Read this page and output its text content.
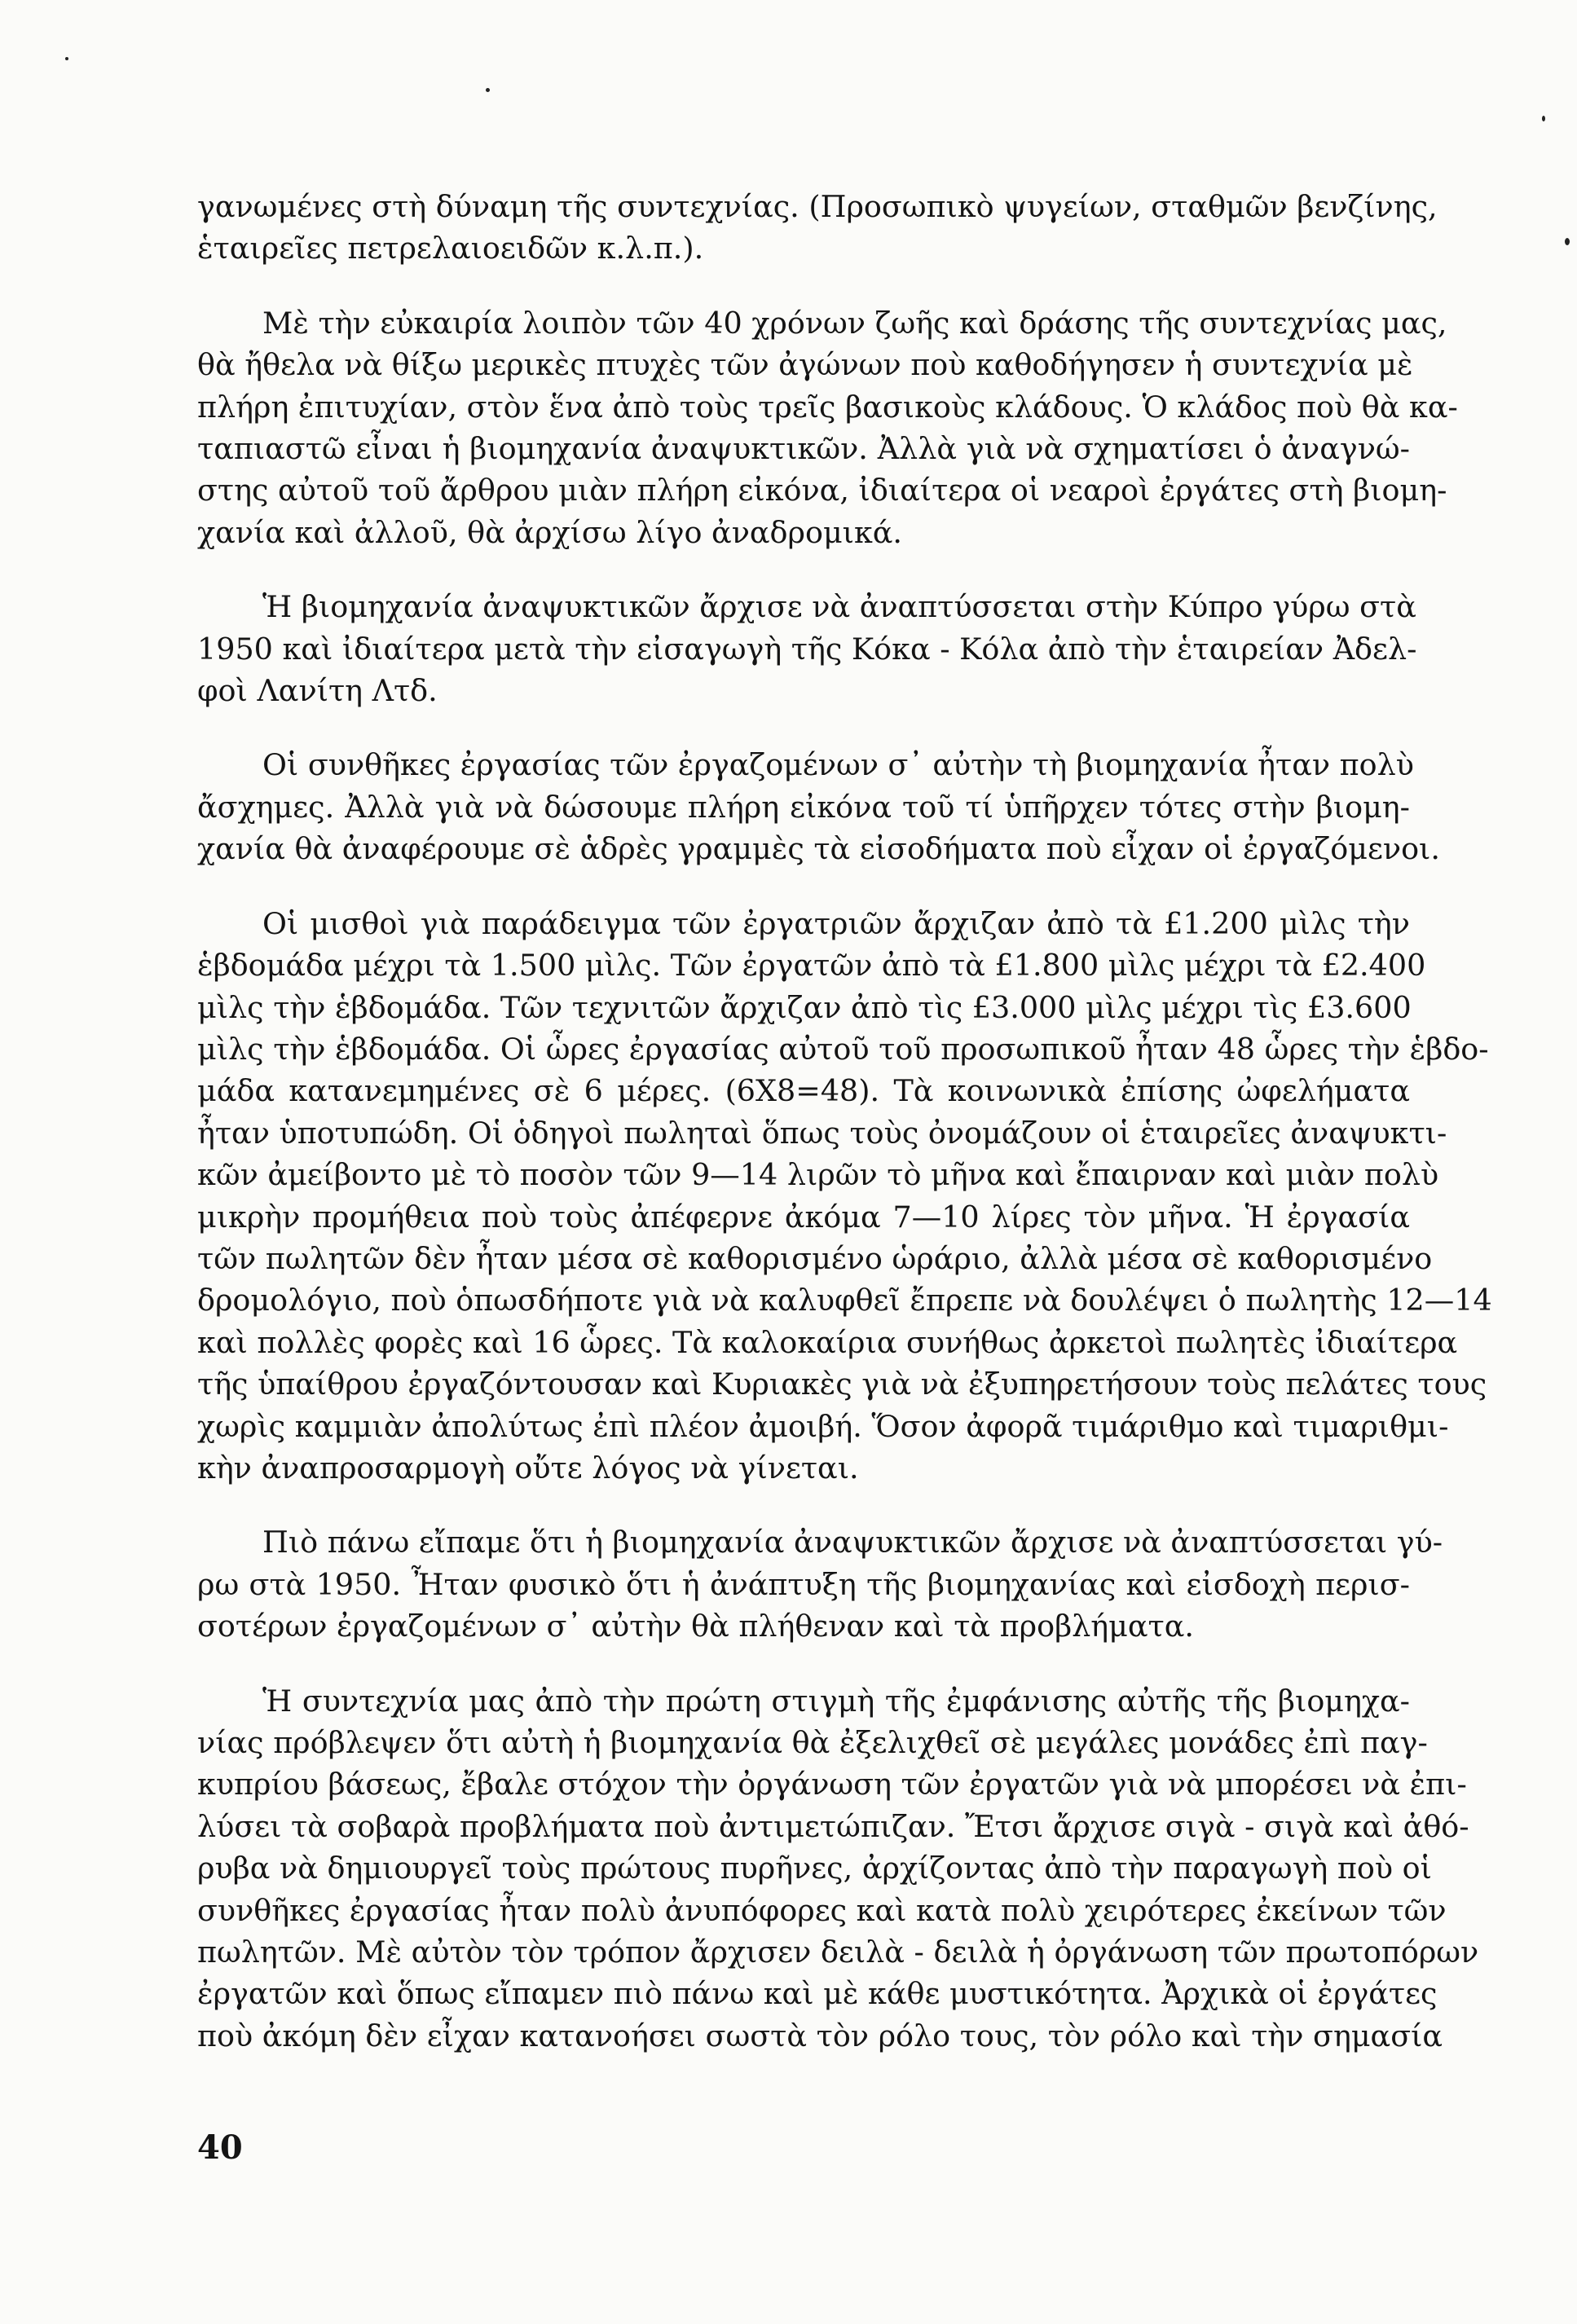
γανωμένες στὴ δύναμη τῆς συντεχνίας. (Προσωπικὸ ψυγείων, σταθμῶν βενζίνης,
ἑταιρεῖες πετρελαιοειδῶν κ.λ.π.).

Μὲ τὴν εὐκαιρία λοιπὸν τῶν 40 χρόνων ζωῆς καὶ δράσης τῆς συντεχνίας μας,
θὰ ἤθελα νὰ θίξω μερικὲς πτυχὲς τῶν ἀγώνων ποὺ καθοδήγησεν ἡ συντεχνία μὲ
πλήρη ἐπιτυχίαν, στὸν ἕνα ἀπὸ τοὺς τρεῖς βασικοὺς κλάδους. Ὁ κλάδος ποὺ θὰ κα-
ταπιαστῶ εἶναι ἡ βιομηχανία ἀναψυκτικῶν. Ἀλλὰ γιὰ νὰ σχηματίσει ὁ ἀναγνώ-
στης αὐτοῦ τοῦ ἄρθρου μιὰν πλήρη εἰκόνα, ἰδιαίτερα οἱ νεαροὶ ἐργάτες στὴ βιομη-
χανία καὶ ἀλλοῦ, θὰ ἀρχίσω λίγο ἀναδρομικά.

Ἡ βιομηχανία ἀναψυκτικῶν ἄρχισε νὰ ἀναπτύσσεται στὴν Κύπρο γύρω στὰ
1950 καὶ ἰδιαίτερα μετὰ τὴν εἰσαγωγὴ τῆς Κόκα - Κόλα ἀπὸ τὴν ἑταιρείαν Ἀδελ-
φοὶ Λανίτη Λτδ.

Οἱ συνθῆκες ἐργασίας τῶν ἐργαζομένων σ᾿ αὐτὴν τὴ βιομηχανία ἦταν πολὺ
ἄσχημες. Ἀλλὰ γιὰ νὰ δώσουμε πλήρη εἰκόνα τοῦ τί ὑπῆρχεν τότες στὴν βιομη-
χανία θὰ ἀναφέρουμε σὲ ἁδρὲς γραμμὲς τὰ εἰσοδήματα ποὺ εἶχαν οἱ ἐργαζόμενοι.

Οἱ μισθοὶ γιὰ παράδειγμα τῶν ἐργατριῶν ἄρχιζαν ἀπὸ τὰ £1.200 μὶλς τὴν
ἑβδομάδα μέχρι τὰ 1.500 μὶλς. Τῶν ἐργατῶν ἀπὸ τὰ £1.800 μὶλς μέχρι τὰ £2.400
μὶλς τὴν ἑβδομάδα. Τῶν τεχνιτῶν ἄρχιζαν ἀπὸ τὶς £3.000 μὶλς μέχρι τὶς £3.600
μὶλς τὴν ἑβδομάδα. Οἱ ὧρες ἐργασίας αὐτοῦ τοῦ προσωπικοῦ ἦταν 48 ὧρες τὴν ἑβδο-
μάδα κατανεμημένες σὲ 6 μέρες. (6Χ8=48). Τὰ κοινωνικὰ ἐπίσης ὠφελήματα
ἦταν ὑποτυπώδη. Οἱ ὁδηγοὶ πωληταὶ ὅπως τοὺς ὀνομάζουν οἱ ἑταιρεῖες ἀναψυκτι-
κῶν ἀμείβοντο μὲ τὸ ποσὸν τῶν 9—14 λιρῶν τὸ μῆνα καὶ ἔπαιρναν καὶ μιὰν πολὺ
μικρὴν προμήθεια ποὺ τοὺς ἀπέφερνε ἀκόμα 7—10 λίρες τὸν μῆνα. Ἡ ἐργασία
τῶν πωλητῶν δὲν ἦταν μέσα σὲ καθορισμένο ὡράριο, ἀλλὰ μέσα σὲ καθορισμένο
δρομολόγιο, ποὺ ὁπωσδήποτε γιὰ νὰ καλυφθεῖ ἔπρεπε νὰ δουλέψει ὁ πωλητὴς 12—14
καὶ πολλὲς φορὲς καὶ 16 ὧρες. Τὰ καλοκαίρια συνήθως ἀρκετοὶ πωλητὲς ἰδιαίτερα
τῆς ὑπαίθρου ἐργαζόντουσαν καὶ Κυριακὲς γιὰ νὰ ἐξυπηρετήσουν τοὺς πελάτες τους
χωρὶς καμμιὰν ἀπολύτως ἐπὶ πλέον ἀμοιβή. Ὅσον ἀφορᾶ τιμάριθμο καὶ τιμαριθμι-
κὴν ἀναπροσαρμογὴ οὔτε λόγος νὰ γίνεται.

Πιὸ πάνω εἴπαμε ὅτι ἡ βιομηχανία ἀναψυκτικῶν ἄρχισε νὰ ἀναπτύσσεται γύ-
ρω στὰ 1950. Ἦταν φυσικὸ ὅτι ἡ ἀνάπτυξη τῆς βιομηχανίας καὶ εἰσδοχὴ περισ-
σοτέρων ἐργαζομένων σ᾿ αὐτὴν θὰ πλήθεναν καὶ τὰ προβλήματα.

Ἡ συντεχνία μας ἀπὸ τὴν πρώτη στιγμὴ τῆς ἐμφάνισης αὐτῆς τῆς βιομηχα-
νίας πρόβλεψεν ὅτι αὐτὴ ἡ βιομηχανία θὰ ἐξελιχθεῖ σὲ μεγάλες μονάδες ἐπὶ παγ-
κυπρίου βάσεως, ἔβαλε στόχον τὴν ὀργάνωση τῶν ἐργατῶν γιὰ νὰ μπορέσει νὰ ἐπι-
λύσει τὰ σοβαρὰ προβλήματα ποὺ ἀντιμετώπιζαν. Ἔτσι ἄρχισε σιγὰ - σιγὰ καὶ ἀθό-
ρυβα νὰ δημιουργεῖ τοὺς πρώτους πυρῆνες, ἀρχίζοντας ἀπὸ τὴν παραγωγὴ ποὺ οἱ
συνθῆκες ἐργασίας ἦταν πολὺ ἀνυπόφορες καὶ κατὰ πολὺ χειρότερες ἐκείνων τῶν
πωλητῶν. Μὲ αὐτὸν τὸν τρόπον ἄρχισεν δειλὰ - δειλὰ ἡ ὀργάνωση τῶν πρωτοπόρων
ἐργατῶν καὶ ὅπως εἴπαμεν πιὸ πάνω καὶ μὲ κάθε μυστικότητα. Ἀρχικὰ οἱ ἐργάτες
ποὺ ἀκόμη δὲν εἶχαν κατανοήσει σωστὰ τὸν ρόλο τους, τὸν ρόλο καὶ τὴν σημασία

40
